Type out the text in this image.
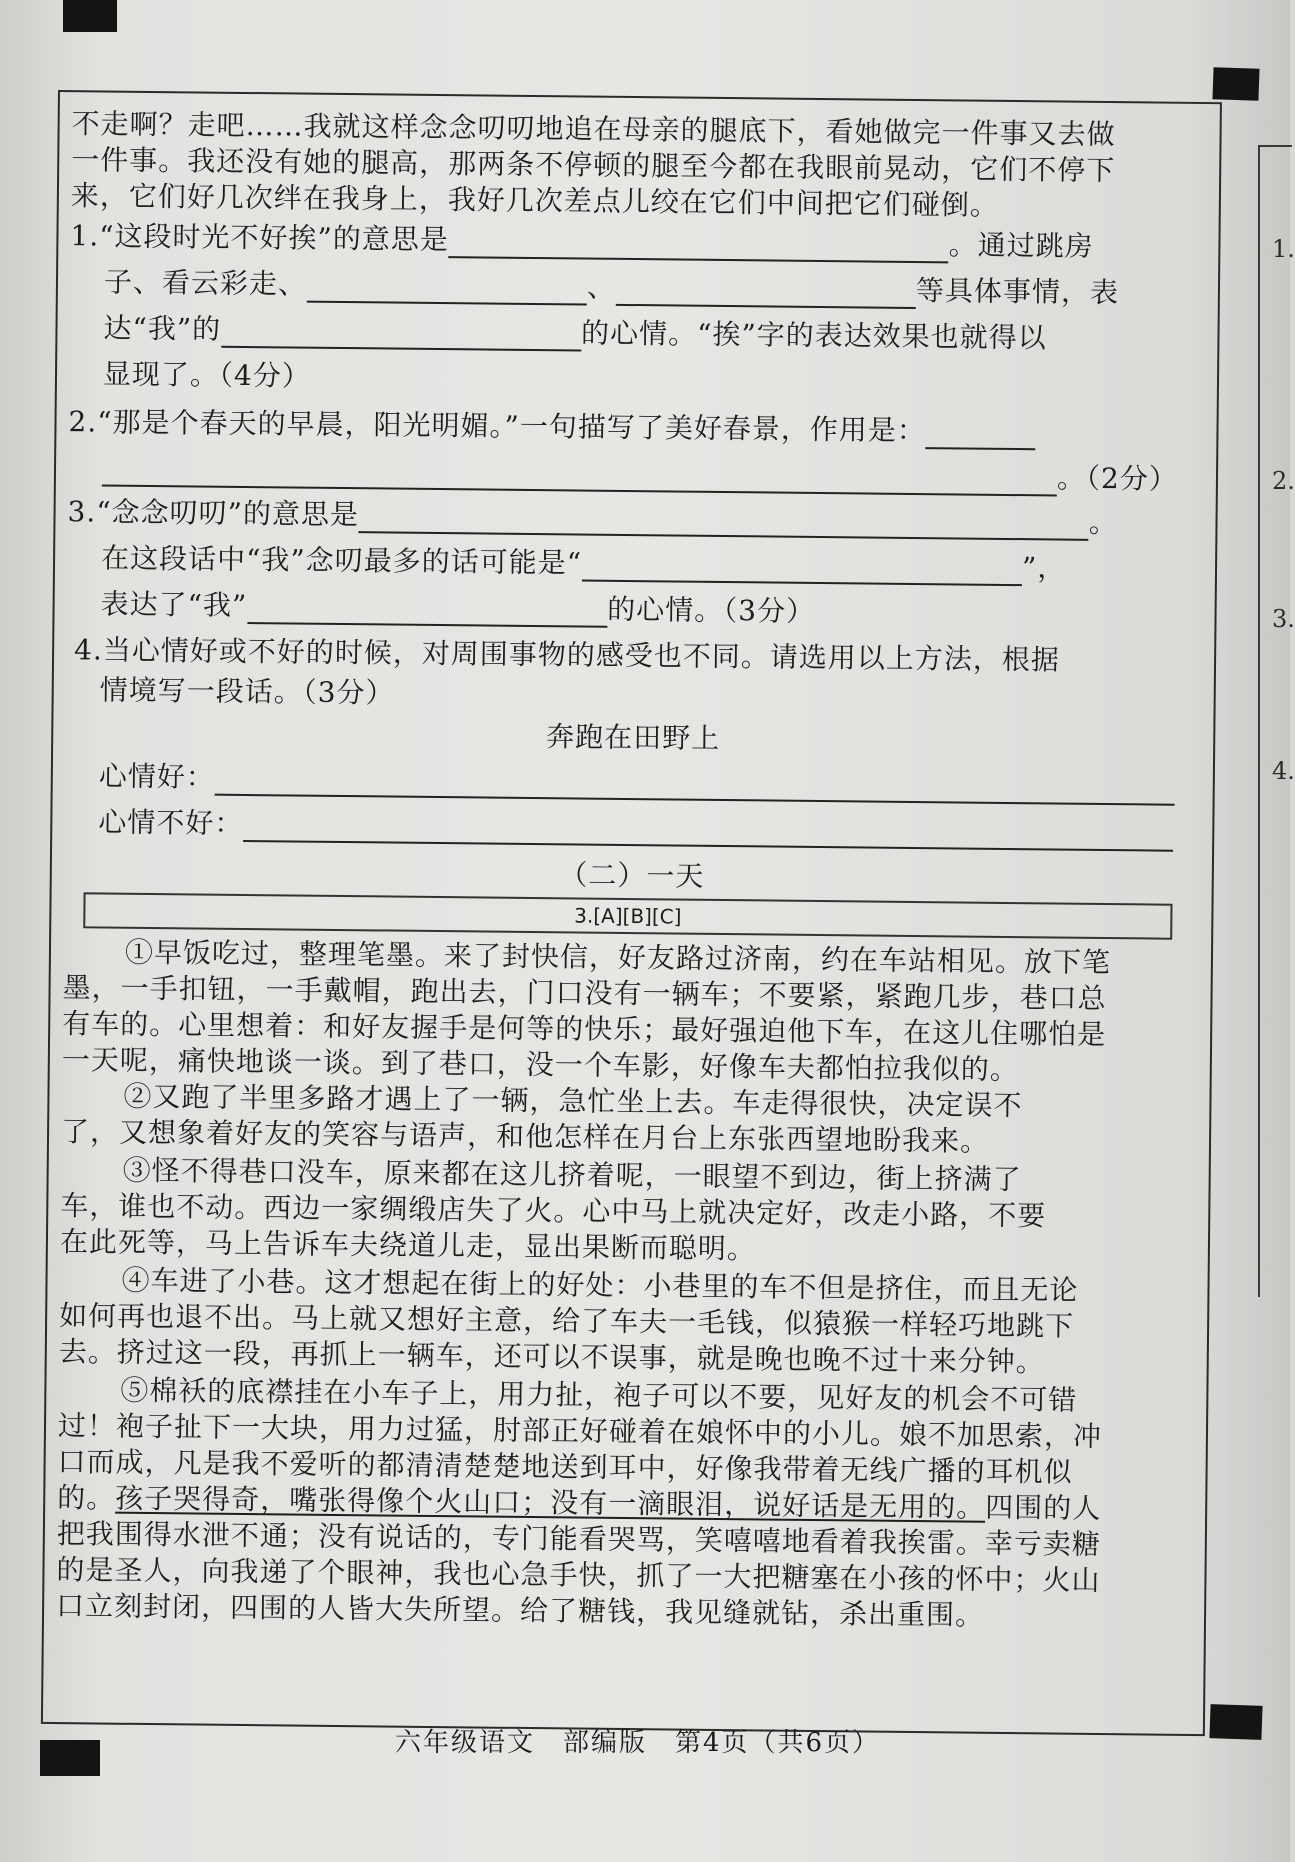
1.
2.
3.
4.
不走啊？走吧……我就这样念念叨叨地追在母亲的腿底下，看她做完一件事又去做
一件事。我还没有她的腿高，那两条不停顿的腿至今都在我眼前晃动，它们不停下
来，它们好几次绊在我身上，我好几次差点儿绞在它们中间把它们碰倒。
1.“这段时光不好挨”的意思是	。通过跳房
子、看云彩走、	、	等具体事情，表
达“我”的	的心情。“挨”字的表达效果也就得以
显现了。（4分）
2.“那是个春天的早晨，阳光明媚。”一句描写了美好春景，作用是：
。（2分）
3.“念念叨叨”的意思是	。
在这段话中“我”念叨最多的话可能是“	”，
表达了“我”	的心情。（3分）
4.当心情好或不好的时候，对周围事物的感受也不同。请选用以上方法，根据
情境写一段话。（3分）
奔跑在田野上
心情好：
心情不好：
（二）一天
3.[A][B][C]
①早饭吃过，整理笔墨。来了封快信，好友路过济南，约在车站相见。放下笔
墨，一手扣钮，一手戴帽，跑出去，门口没有一辆车；不要紧，紧跑几步，巷口总
有车的。心里想着：和好友握手是何等的快乐；最好强迫他下车，在这儿住哪怕是
一天呢，痛快地谈一谈。到了巷口，没一个车影，好像车夫都怕拉我似的。
②又跑了半里多路才遇上了一辆，急忙坐上去。车走得很快，决定误不
了，又想象着好友的笑容与语声，和他怎样在月台上东张西望地盼我来。
③怪不得巷口没车，原来都在这儿挤着呢，一眼望不到边，街上挤满了
车，谁也不动。西边一家绸缎店失了火。心中马上就决定好，改走小路，不要
在此死等，马上告诉车夫绕道儿走，显出果断而聪明。
④车进了小巷。这才想起在街上的好处：小巷里的车不但是挤住，而且无论
如何再也退不出。马上就又想好主意，给了车夫一毛钱，似猿猴一样轻巧地跳下
去。挤过这一段，再抓上一辆车，还可以不误事，就是晚也晚不过十来分钟。
⑤棉袄的底襟挂在小车子上，用力扯，袍子可以不要，见好友的机会不可错
过！袍子扯下一大块，用力过猛，肘部正好碰着在娘怀中的小儿。娘不加思索，冲
口而成，凡是我不爱听的都清清楚楚地送到耳中，好像我带着无线广播的耳机似
的。孩子哭得奇，嘴张得像个火山口；没有一滴眼泪，说好话是无用的。四围的人
把我围得水泄不通；没有说话的，专门能看哭骂，笑嘻嘻地看着我挨雷。幸亏卖糖
的是圣人，向我递了个眼神，我也心急手快，抓了一大把糖塞在小孩的怀中；火山
口立刻封闭，四围的人皆大失所望。给了糖钱，我见缝就钻，杀出重围。
六年级语文　部编版　第4页（共6页）
